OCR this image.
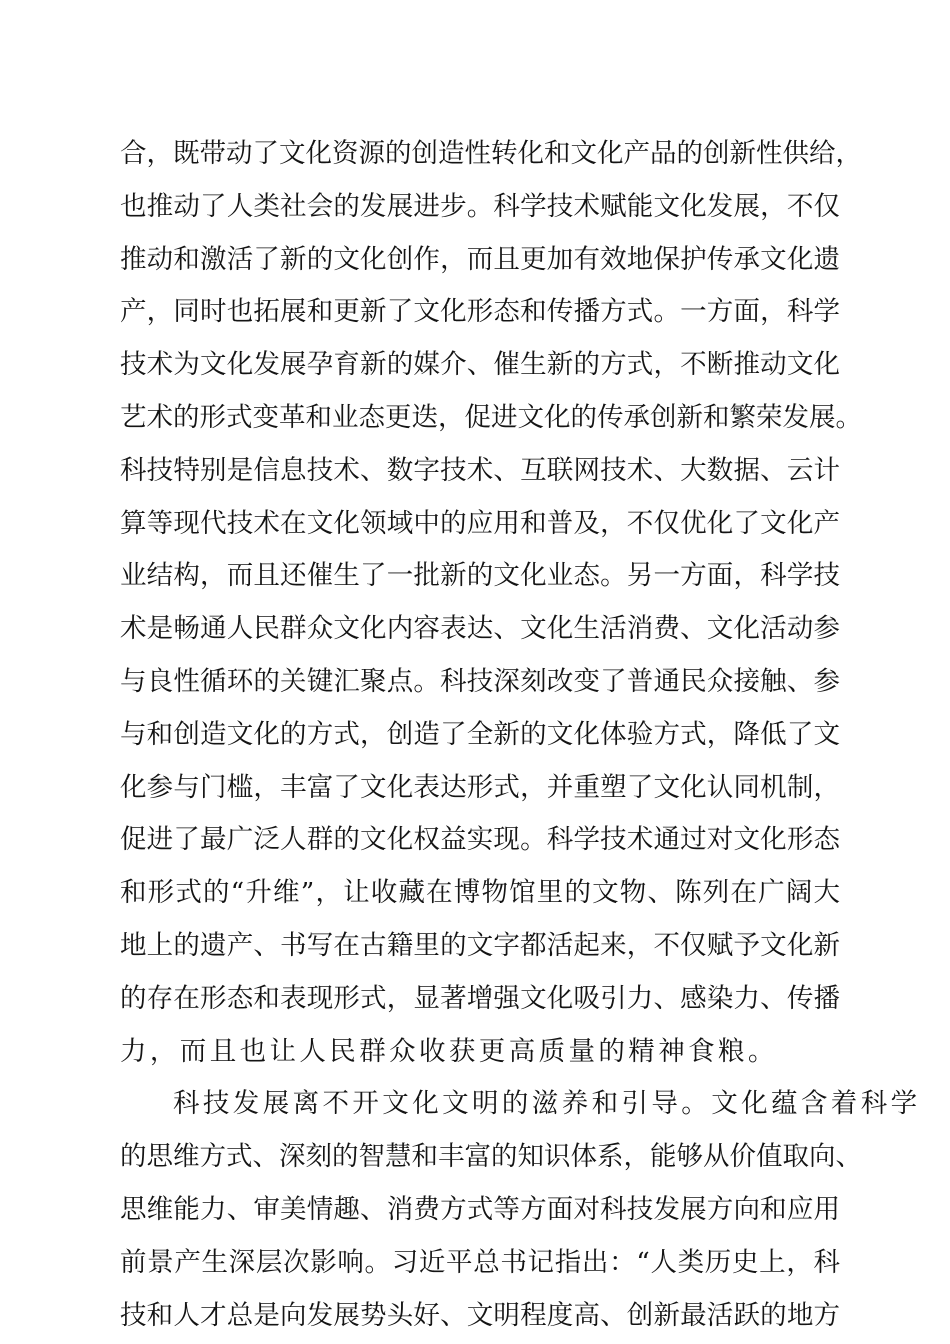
合，既带动了文化资源的创造性转化和文化产品的创新性供给，
也推动了人类社会的发展进步。科学技术赋能文化发展，不仅
推动和激活了新的文化创作，而且更加有效地保护传承文化遗
产，同时也拓展和更新了文化形态和传播方式。一方面，科学
技术为文化发展孕育新的媒介、催生新的方式，不断推动文化
艺术的形式变革和业态更迭，促进文化的传承创新和繁荣发展。
科技特别是信息技术、数字技术、互联网技术、大数据、云计
算等现代技术在文化领域中的应用和普及，不仅优化了文化产
业结构，而且还催生了一批新的文化业态。另一方面，科学技
术是畅通人民群众文化内容表达、文化生活消费、文化活动参
与良性循环的关键汇聚点。科技深刻改变了普通民众接触、参
与和创造文化的方式，创造了全新的文化体验方式，降低了文
化参与门槛，丰富了文化表达形式，并重塑了文化认同机制，
促进了最广泛人群的文化权益实现。科学技术通过对文化形态
和形式的“升维”，让收藏在博物馆里的文物、陈列在广阔大
地上的遗产、书写在古籍里的文字都活起来，不仅赋予文化新
的存在形态和表现形式，显著增强文化吸引力、感染力、传播
力，而且也让人民群众收获更高质量的精神食粮。
科技发展离不开文化文明的滋养和引导。文化蕴含着科学
的思维方式、深刻的智慧和丰富的知识体系，能够从价值取向、
思维能力、审美情趣、消费方式等方面对科技发展方向和应用
前景产生深层次影响。习近平总书记指出：“人类历史上，科
技和人才总是向发展势头好、文明程度高、创新最活跃的地方
